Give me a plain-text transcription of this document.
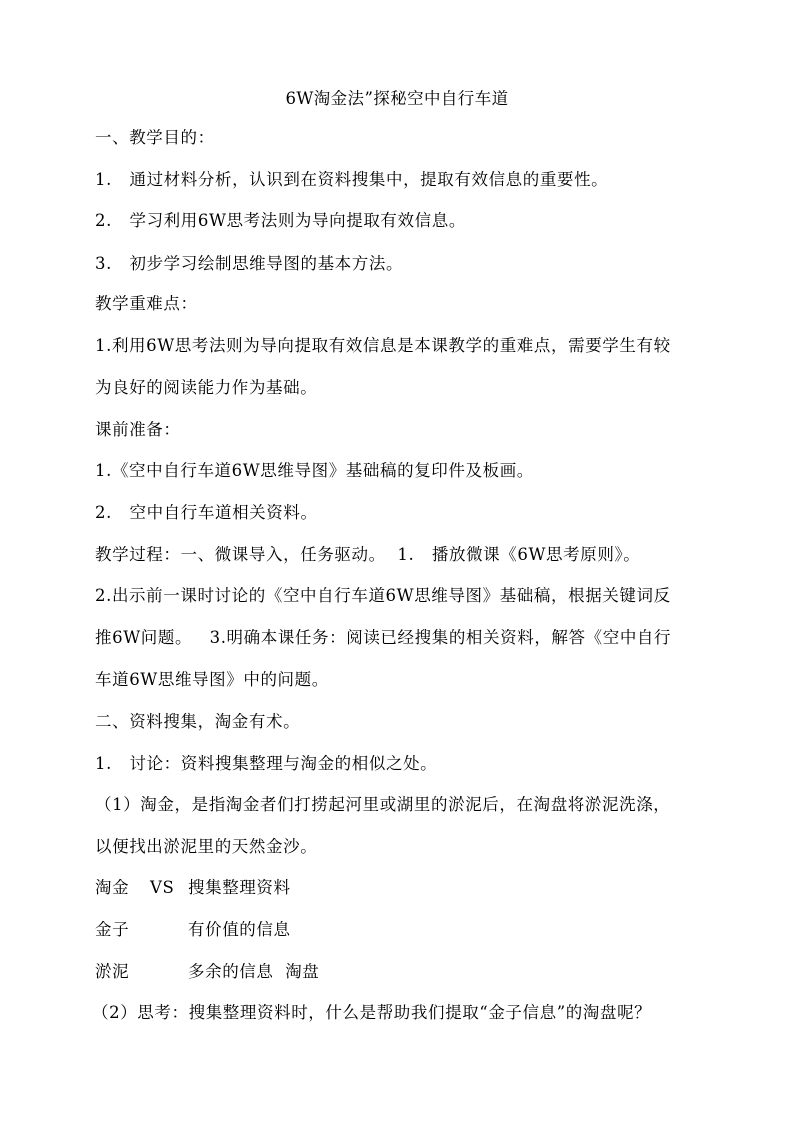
6W淘金法”探秘空中自行车道
一、教学目的：
1.   通过材料分析，认识到在资料搜集中，提取有效信息的重要性。
2.   学习利用6W思考法则为导向提取有效信息。
3.   初步学习绘制思维导图的基本方法。
教学重难点：
1.利用6W思考法则为导向提取有效信息是本课教学的重难点，需要学生有较
为良好的阅读能力作为基础。
课前准备：
1.《空中自行车道6W思维导图》基础稿的复印件及板画。
2.   空中自行车道相关资料。
教学过程：一、微课导入，任务驱动。  1.   播放微课《6W思考原则》。
2.出示前一课时讨论的《空中自行车道6W思维导图》基础稿，根据关键词反
推6W问题。   3.明确本课任务：阅读已经搜集的相关资料，解答《空中自行
车道6W思维导图》中的问题。
二、资料搜集，淘金有术。
1.   讨论：资料搜集整理与淘金的相似之处。
（1）淘金，是指淘金者们打捞起河里或湖里的淤泥后，在淘盘将淤泥洗涤，
以便找出淤泥里的天然金沙。
淘金 VS 搜集整理资料
金子	有价值的信息
淤泥	多余的信息  淘盘
（2）思考：搜集整理资料时，什么是帮助我们提取“金子信息”的淘盘呢？
